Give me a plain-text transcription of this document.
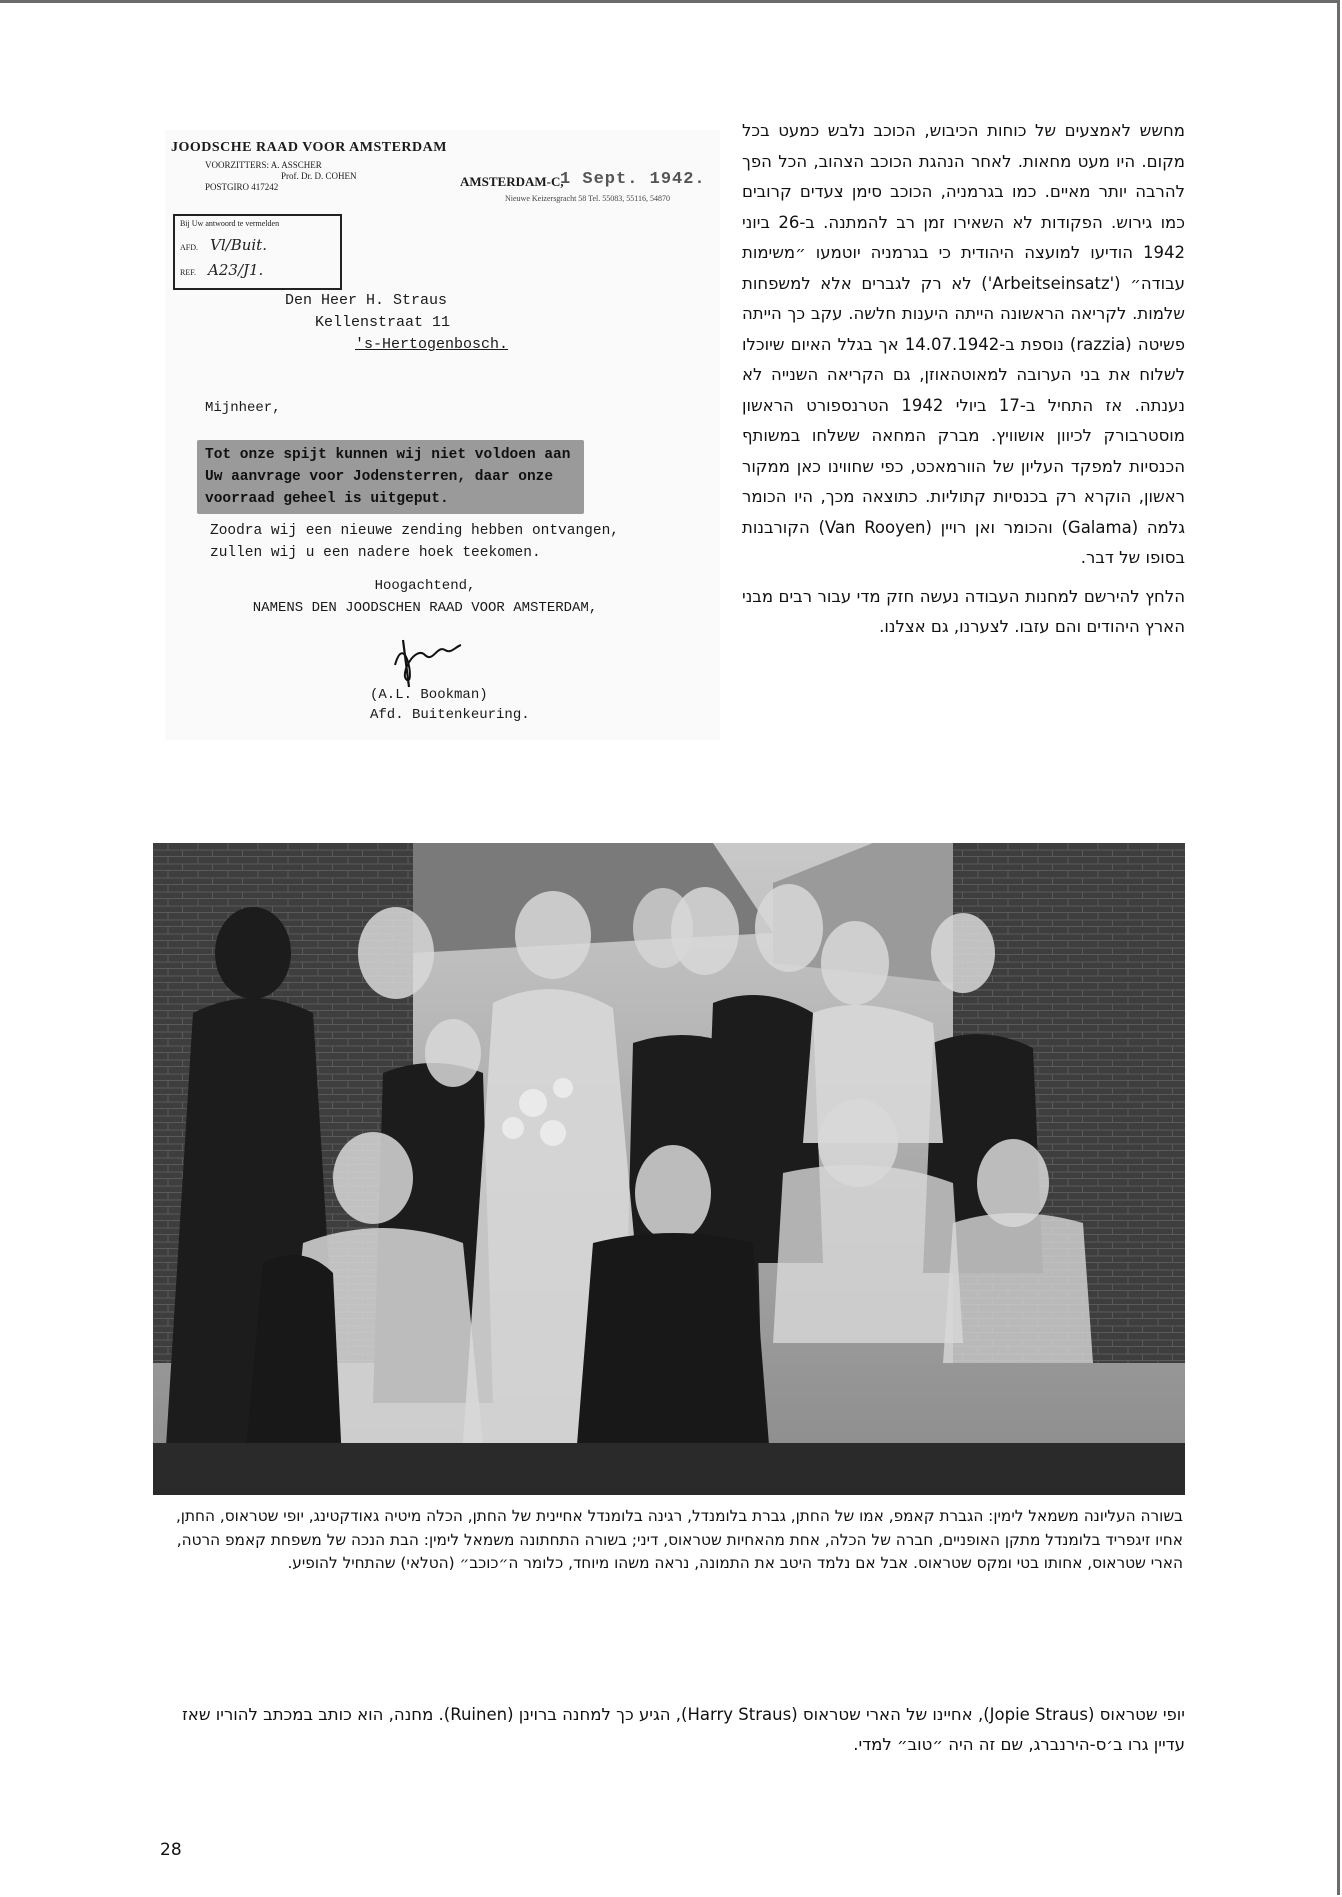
JOODSCHE RAAD VOOR AMSTERDAM
VOORZITTERS: A. ASSCHER
Prof. Dr. D. COHEN
POSTGIRO 417242	AMSTERDAM-C,
1 Sept. 1942.
Nieuwe Keizersgracht 58 Tel. 55083, 55116, 54870
Bij Uw antwoord te vermelden
AFD. Vl/Buit.
REF. A23/J1.
Den Heer H. Straus
Kellenstraat 11
's-Hertogenbosch.
Mijnheer,
Tot onze spijt kunnen wij niet voldoen aan
Uw aanvrage voor Jodensterren, daar onze
voorraad geheel is uitgeput.
Zoodra wij een nieuwe zending hebben ontvangen,
zullen wij u een nadere hoek teekomen.
Hoogachtend,
NAMENS DEN JOODSCHEN RAAD VOOR AMSTERDAM,
(A.L. Bookman)
Afd. Buitenkeuring.

מחשש לאמצעים של כוחות הכיבוש, הכוכב נלבש כמעט בכל מקום. היו מעט מחאות. לאחר הנהגת הכוכב הצהוב, הכל הפך להרבה יותר מאיים. כמו בגרמניה, הכוכב סימן צעדים קרובים כמו גירוש. הפקודות לא השאירו זמן רב להמתנה. ב-26 ביוני 1942 הודיעו למועצה היהודית כי בגרמניה יוטמעו ״משימות עבודה״ ('Arbeitseinsatz') לא רק לגברים אלא למשפחות שלמות. לקריאה הראשונה הייתה היענות חלשה. עקב כך הייתה פשיטה (razzia) נוספת ב-14.07.1942 אך בגלל האיום שיוכלו לשלוח את בני הערובה למאוטהאוזן, גם הקריאה השנייה לא נענתה. אז התחיל ב-17 ביולי 1942 הטרנספורט הראשון מוסטרבורק לכיוון אושוויץ. מברק המחאה ששלחו במשותף הכנסיות למפקד העליון של הוורמאכט, כפי שחווינו כאן ממקור ראשון, הוקרא רק בכנסיות קתוליות. כתוצאה מכך, היו הכומר גלמה (Galama) והכומר ואן רויין (Van Rooyen) הקורבנות בסופו של דבר.

הלחץ להירשם למחנות העבודה נעשה חזק מדי עבור רבים מבני הארץ היהודים והם עזבו. לצערנו, גם אצלנו.

בשורה העליונה משמאל לימין: הגברת קאמפ, אמו של החתן, גברת בלומנדל, רגינה בלומנדל אחיינית של החתן, הכלה מיטיה גאודקטינג, יופי שטראוס, החתן, אחיו זיגפריד בלומנדל מתקן האופניים, חברה של הכלה, אחת מהאחיות שטראוס, דיני; בשורה התחתונה משמאל לימין: הבת הנכה של משפחת קאמפ הרטה, הארי שטראוס, אחותו בטי ומקס שטראוס. אבל אם נלמד היטב את התמונה, נראה משהו מיוחד, כלומר ה״כוכב״ (הטלאי) שהתחיל להופיע.
יופי שטראוס (Jopie Straus), אחיינו של הארי שטראוס (Harry Straus), הגיע כך למחנה ברוינן (Ruinen). מחנה, הוא כותב במכתב להוריו שאז עדיין גרו ב׳ס-הירנברג, שם זה היה ״טוב״ למדי.
28
